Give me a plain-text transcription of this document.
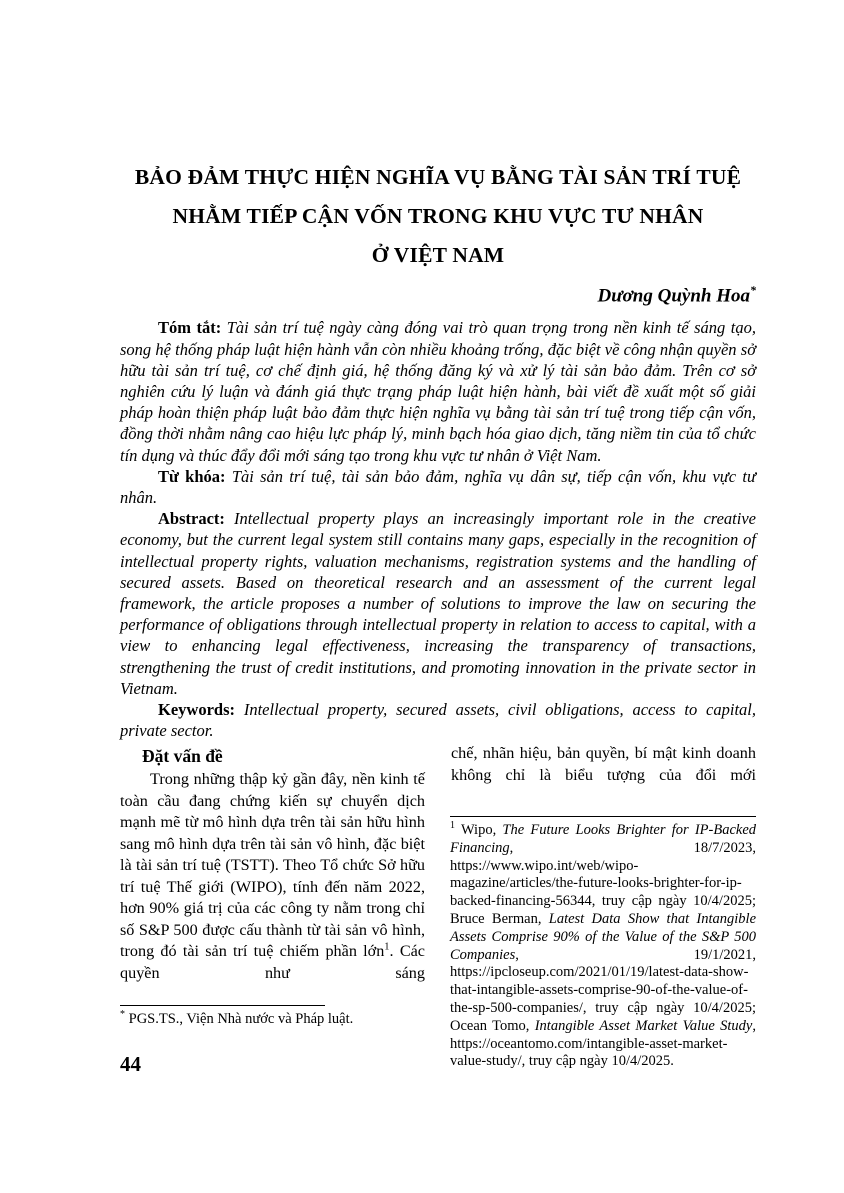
BẢO ĐẢM THỰC HIỆN NGHĨA VỤ BẰNG TÀI SẢN TRÍ TUỆ
NHẰM TIẾP CẬN VỐN TRONG KHU VỰC TƯ NHÂN
Ở VIỆT NAM
Dương Quỳnh Hoa*

Tóm tắt: Tài sản trí tuệ ngày càng đóng vai trò quan trọng trong nền kinh tế sáng tạo, song hệ thống pháp luật hiện hành vẫn còn nhiều khoảng trống, đặc biệt về công nhận quyền sở hữu tài sản trí tuệ, cơ chế định giá, hệ thống đăng ký và xử lý tài sản bảo đảm. Trên cơ sở nghiên cứu lý luận và đánh giá thực trạng pháp luật hiện hành, bài viết đề xuất một số giải pháp hoàn thiện pháp luật bảo đảm thực hiện nghĩa vụ bằng tài sản trí tuệ trong tiếp cận vốn, đồng thời nhằm nâng cao hiệu lực pháp lý, minh bạch hóa giao dịch, tăng niềm tin của tổ chức tín dụng và thúc đẩy đổi mới sáng tạo trong khu vực tư nhân ở Việt Nam.

Từ khóa: Tài sản trí tuệ, tài sản bảo đảm, nghĩa vụ dân sự, tiếp cận vốn, khu vực tư nhân.

Abstract: Intellectual property plays an increasingly important role in the creative economy, but the current legal system still contains many gaps, especially in the recognition of intellectual property rights, valuation mechanisms, registration systems and the handling of secured assets. Based on theoretical research and an assessment of the current legal framework, the article proposes a number of solutions to improve the law on securing the performance of obligations through intellectual property in relation to access to capital, with a view to enhancing legal effectiveness, increasing the transparency of transactions, strengthening the trust of credit institutions, and promoting innovation in the private sector in Vietnam.

Keywords: Intellectual property, secured assets, civil obligations, access to capital, private sector.

Đặt vấn đề

Trong những thập kỷ gần đây, nền kinh tế toàn cầu đang chứng kiến sự chuyển dịch mạnh mẽ từ mô hình dựa trên tài sản hữu hình sang mô hình dựa trên tài sản vô hình, đặc biệt là tài sản trí tuệ (TSTT). Theo Tổ chức Sở hữu trí tuệ Thế giới (WIPO), tính đến năm 2022, hơn 90% giá trị của các công ty nằm trong chỉ số S&P 500 được cấu thành từ tài sản vô hình, trong đó tài sản trí tuệ chiếm phần lớn$^1$. Các quyền như sáng

chế, nhãn hiệu, bản quyền, bí mật kinh doanh không chỉ là biểu tượng của đổi mới

* PGS.TS., Viện Nhà nước và Pháp luật.

$^1$ Wipo, The Future Looks Brighter for IP-Backed Financing, 18/7/2023, https://www.wipo.int/web/wipo-magazine/articles/the-future-looks-brighter-for-ip-backed-financing-56344, truy cập ngày 10/4/2025; Bruce Berman, Latest Data Show that Intangible Assets Comprise 90% of the Value of the S&P 500 Companies, 19/1/2021, https://ipcloseup.com/2021/01/19/latest-data-show-that-intangible-assets-comprise-90-of-the-value-of-the-sp-500-companies/, truy cập ngày 10/4/2025; Ocean Tomo, Intangible Asset Market Value Study, https://oceantomo.com/intangible-asset-market-value-study/, truy cập ngày 10/4/2025.

44
